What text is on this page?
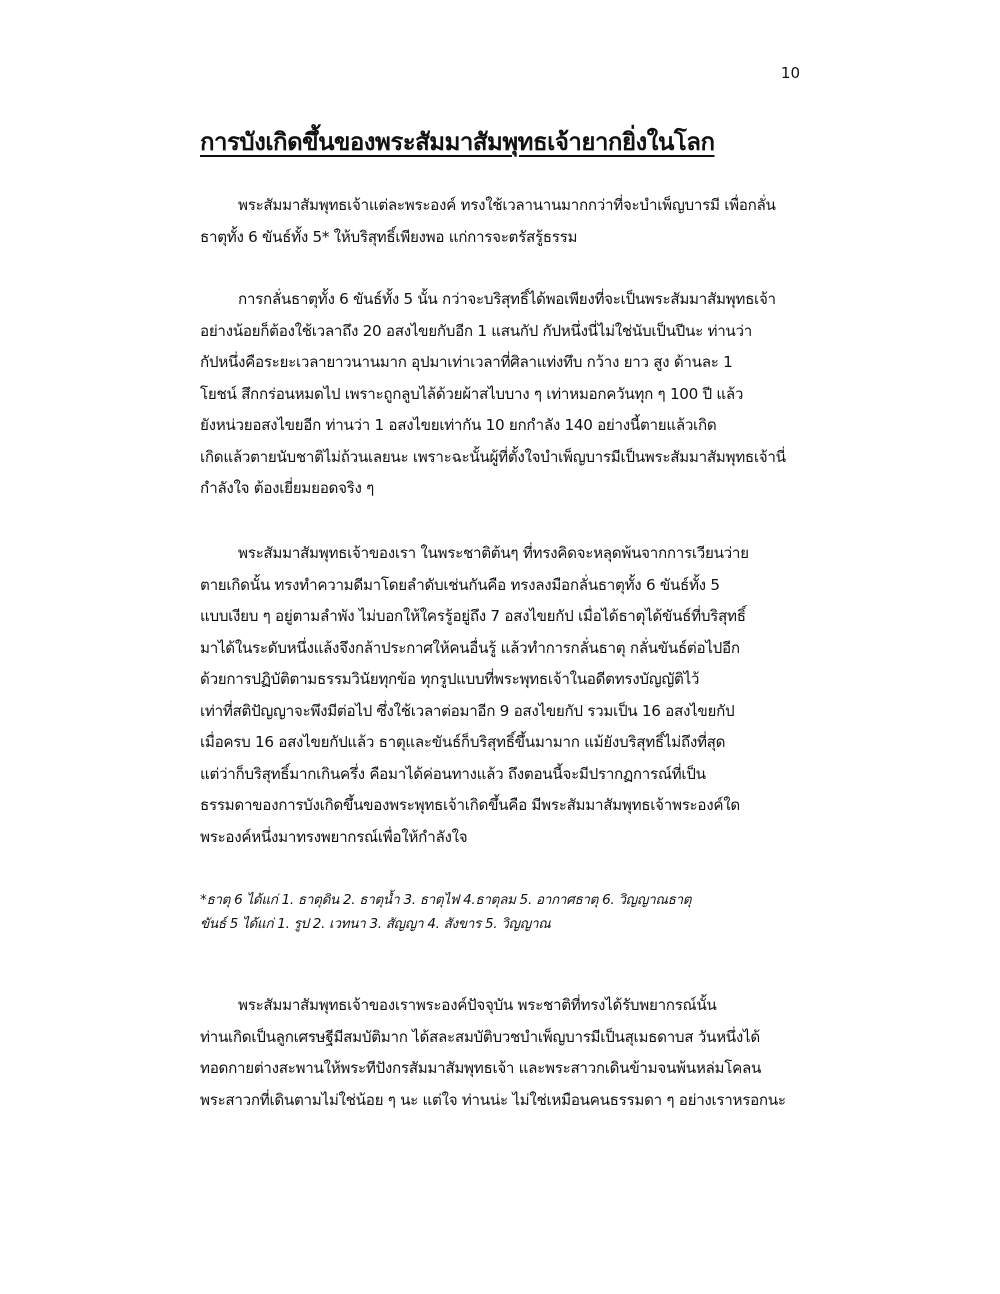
10
การบังเกิดขึ้นของพระสัมมาสัมพุทธเจ้ายากยิ่งในโลก
พระสัมมาสัมพุทธเจ้าแต่ละพระองค์ ทรงใช้เวลานานมากกว่าที่จะบำเพ็ญบารมี เพื่อกลั่น
ธาตุทั้ง 6 ขันธ์ทั้ง 5* ให้บริสุทธิ์เพียงพอ แก่การจะตรัสรู้ธรรม
การกลั่นธาตุทั้ง 6 ขันธ์ทั้ง 5 นั้น กว่าจะบริสุทธิ์ได้พอเพียงที่จะเป็นพระสัมมาสัมพุทธเจ้า
อย่างน้อยก็ต้องใช้เวลาถึง 20 อสงไขยกับอีก 1 แสนกัป กัปหนึ่งนี่ไม่ใช่นับเป็นปีนะ ท่านว่า
กัปหนึ่งคือระยะเวลายาวนานมาก อุปมาเท่าเวลาที่ศิลาแท่งทึบ กว้าง ยาว สูง ด้านละ 1
โยชน์ สึกกร่อนหมดไป เพราะถูกลูบไล้ด้วยผ้าสไบบาง ๆ เท่าหมอกควันทุก ๆ 100 ปี แล้ว
ยังหน่วยอสงไขยอีก ท่านว่า 1 อสงไขยเท่ากัน 10 ยกกำลัง 140 อย่างนี้ตายแล้วเกิด
เกิดแล้วตายนับชาติไม่ถ้วนเลยนะ เพราะฉะนั้นผู้ที่ตั้งใจบำเพ็ญบารมีเป็นพระสัมมาสัมพุทธเจ้านี่
กำลังใจ ต้องเยี่ยมยอดจริง ๆ
พระสัมมาสัมพุทธเจ้าของเรา ในพระชาติต้นๆ ที่ทรงคิดจะหลุดพ้นจากการเวียนว่าย
ตายเกิดนั้น ทรงทำความดีมาโดยลำดับเช่นกันคือ ทรงลงมือกลั่นธาตุทั้ง 6 ขันธ์ทั้ง 5
แบบเงียบ ๆ อยู่ตามลำพัง ไม่บอกให้ใครรู้อยู่ถึง 7 อสงไขยกัป เมื่อได้ธาตุได้ขันธ์ที่บริสุทธิ์
มาได้ในระดับหนึ่งแล้งจึงกล้าประกาศให้คนอื่นรู้ แล้วทำการกลั่นธาตุ กลั่นขันธ์ต่อไปอีก
ด้วยการปฏิบัติตามธรรมวินัยทุกข้อ ทุกรูปแบบที่พระพุทธเจ้าในอดีตทรงบัญญัติไว้
เท่าที่สติปัญญาจะพึงมีต่อไป ซึ่งใช้เวลาต่อมาอีก 9 อสงไขยกัป รวมเป็น 16 อสงไขยกัป
เมื่อครบ 16 อสงไขยกัปแล้ว ธาตุและขันธ์ก็บริสุทธิ์ขึ้นมามาก แม้ยังบริสุทธิ์ไม่ถึงที่สุด
แต่ว่าก็บริสุทธิ์มากเกินครึ่ง คือมาได้ค่อนทางแล้ว ถึงตอนนี้จะมีปรากฏการณ์ที่เป็น
ธรรมดาของการบังเกิดขึ้นของพระพุทธเจ้าเกิดขึ้นคือ มีพระสัมมาสัมพุทธเจ้าพระองค์ใด
พระองค์หนึ่งมาทรงพยากรณ์เพื่อให้กำลังใจ
*ธาตุ 6 ได้แก่ 1. ธาตุดิน 2. ธาตุน้ำ 3. ธาตุไฟ 4.ธาตุลม 5. อากาศธาตุ 6. วิญญาณธาตุ
ขันธ์ 5 ได้แก่ 1. รูป 2. เวทนา 3. สัญญา 4. สังขาร 5. วิญญาณ
พระสัมมาสัมพุทธเจ้าของเราพระองค์ปัจจุบัน พระชาติที่ทรงได้รับพยากรณ์นั้น
ท่านเกิดเป็นลูกเศรษฐีมีสมบัติมาก ได้สละสมบัติบวชบำเพ็ญบารมีเป็นสุเมธดาบส วันหนึ่งได้
ทอดกายต่างสะพานให้พระทีปังกรสัมมาสัมพุทธเจ้า และพระสาวกเดินข้ามจนพ้นหล่มโคลน
พระสาวกที่เดินตามไม่ใช่น้อย ๆ นะ แต่ใจ ท่านน่ะ ไม่ใช่เหมือนคนธรรมดา ๆ อย่างเราหรอกนะ
